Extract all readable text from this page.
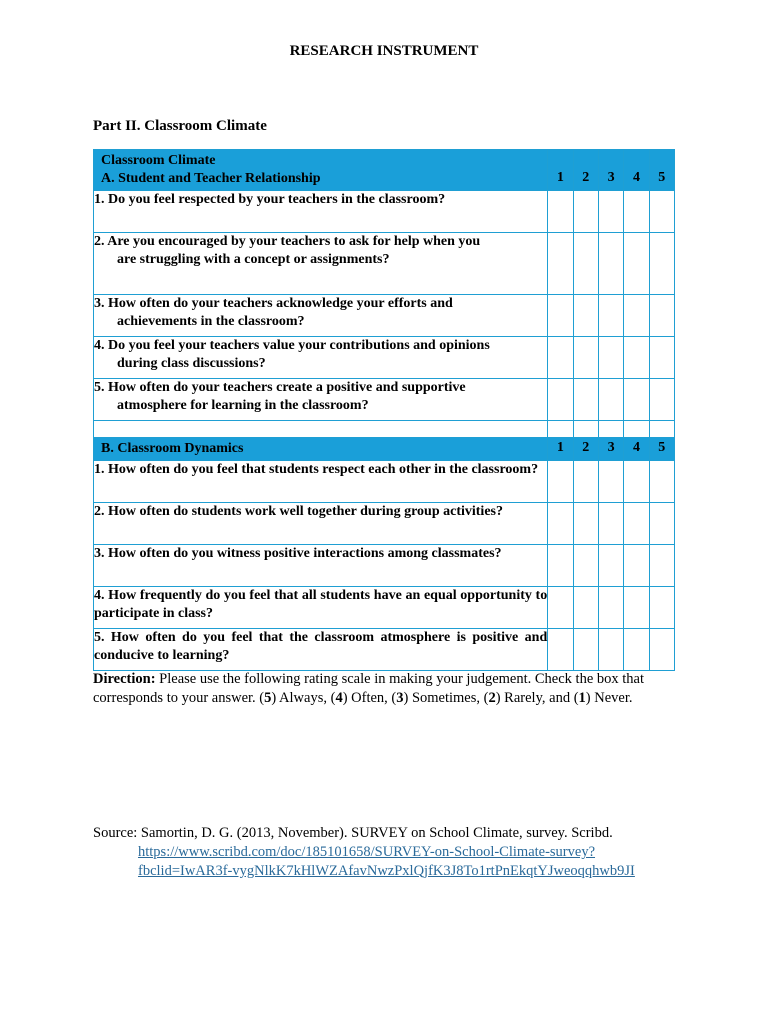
RESEARCH INSTRUMENT
Part II. Classroom Climate
Classroom Climate
A. Student and Teacher Relationship	1	2	3	4	5
1. Do you feel respected by your teachers in the classroom?					
2. Are you encouraged by your teachers to ask for help when you
are struggling with a concept or assignments?					

3. How often do your teachers acknowledge your efforts and
achievements in the classroom?					

4. Do you feel your teachers value your contributions and opinions
during class discussions?					

5. How often do your teachers create a positive and supportive
atmosphere for learning in the classroom?					

B. Classroom Dynamics	1	2	3	4	5
1. How often do you feel that students respect each other in the classroom?					
2. How often do students work well together during group activities?					
3. How often do you witness positive interactions among classmates?					
4. How frequently do you feel that all students have an equal opportunity to participate in class?					
5. How often do you feel that the classroom atmosphere is positive and conducive to learning?					
Direction: Please use the following rating scale in making your judgement. Check the box that corresponds to your answer. (5) Always, (4) Often, (3) Sometimes, (2) Rarely, and (1) Never.
Source: Samortin, D. G. (2013, November). SURVEY on School Climate, survey. Scribd.
https://www.scribd.com/doc/185101658/SURVEY-on-School-Climate-survey?
fbclid=IwAR3f-vygNlkK7kHlWZAfavNwzPxlQjfK3J8To1rtPnEkqtYJweoqqhwb9JI
